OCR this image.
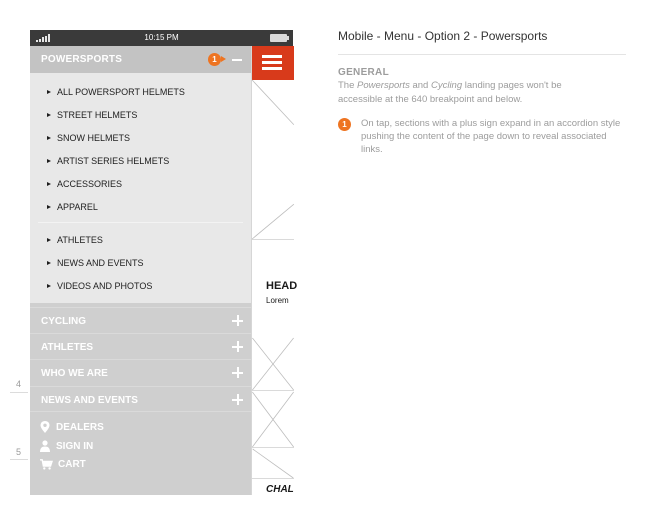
4
5
10:15 PM
POWERSPORTS	1
ALL POWERSPORT HELMETS
STREET HELMETS
SNOW HELMETS
ARTIST SERIES HELMETS
ACCESSORIES
APPAREL
ATHLETES
NEWS AND EVENTS
VIDEOS AND PHOTOS
CYCLING
ATHLETES
WHO WE ARE
NEWS AND EVENTS
DEALERS
SIGN IN
CART
HEAD
Lorem
CHAL
Mobile - Menu - Option 2 - Powersports
GENERAL
The Powersports and Cycling landing pages won't be accessible at the 640 breakpoint and below.
1	On tap, sections with a plus sign expand in an accordion style pushing the content of the page down to reveal associated links.
